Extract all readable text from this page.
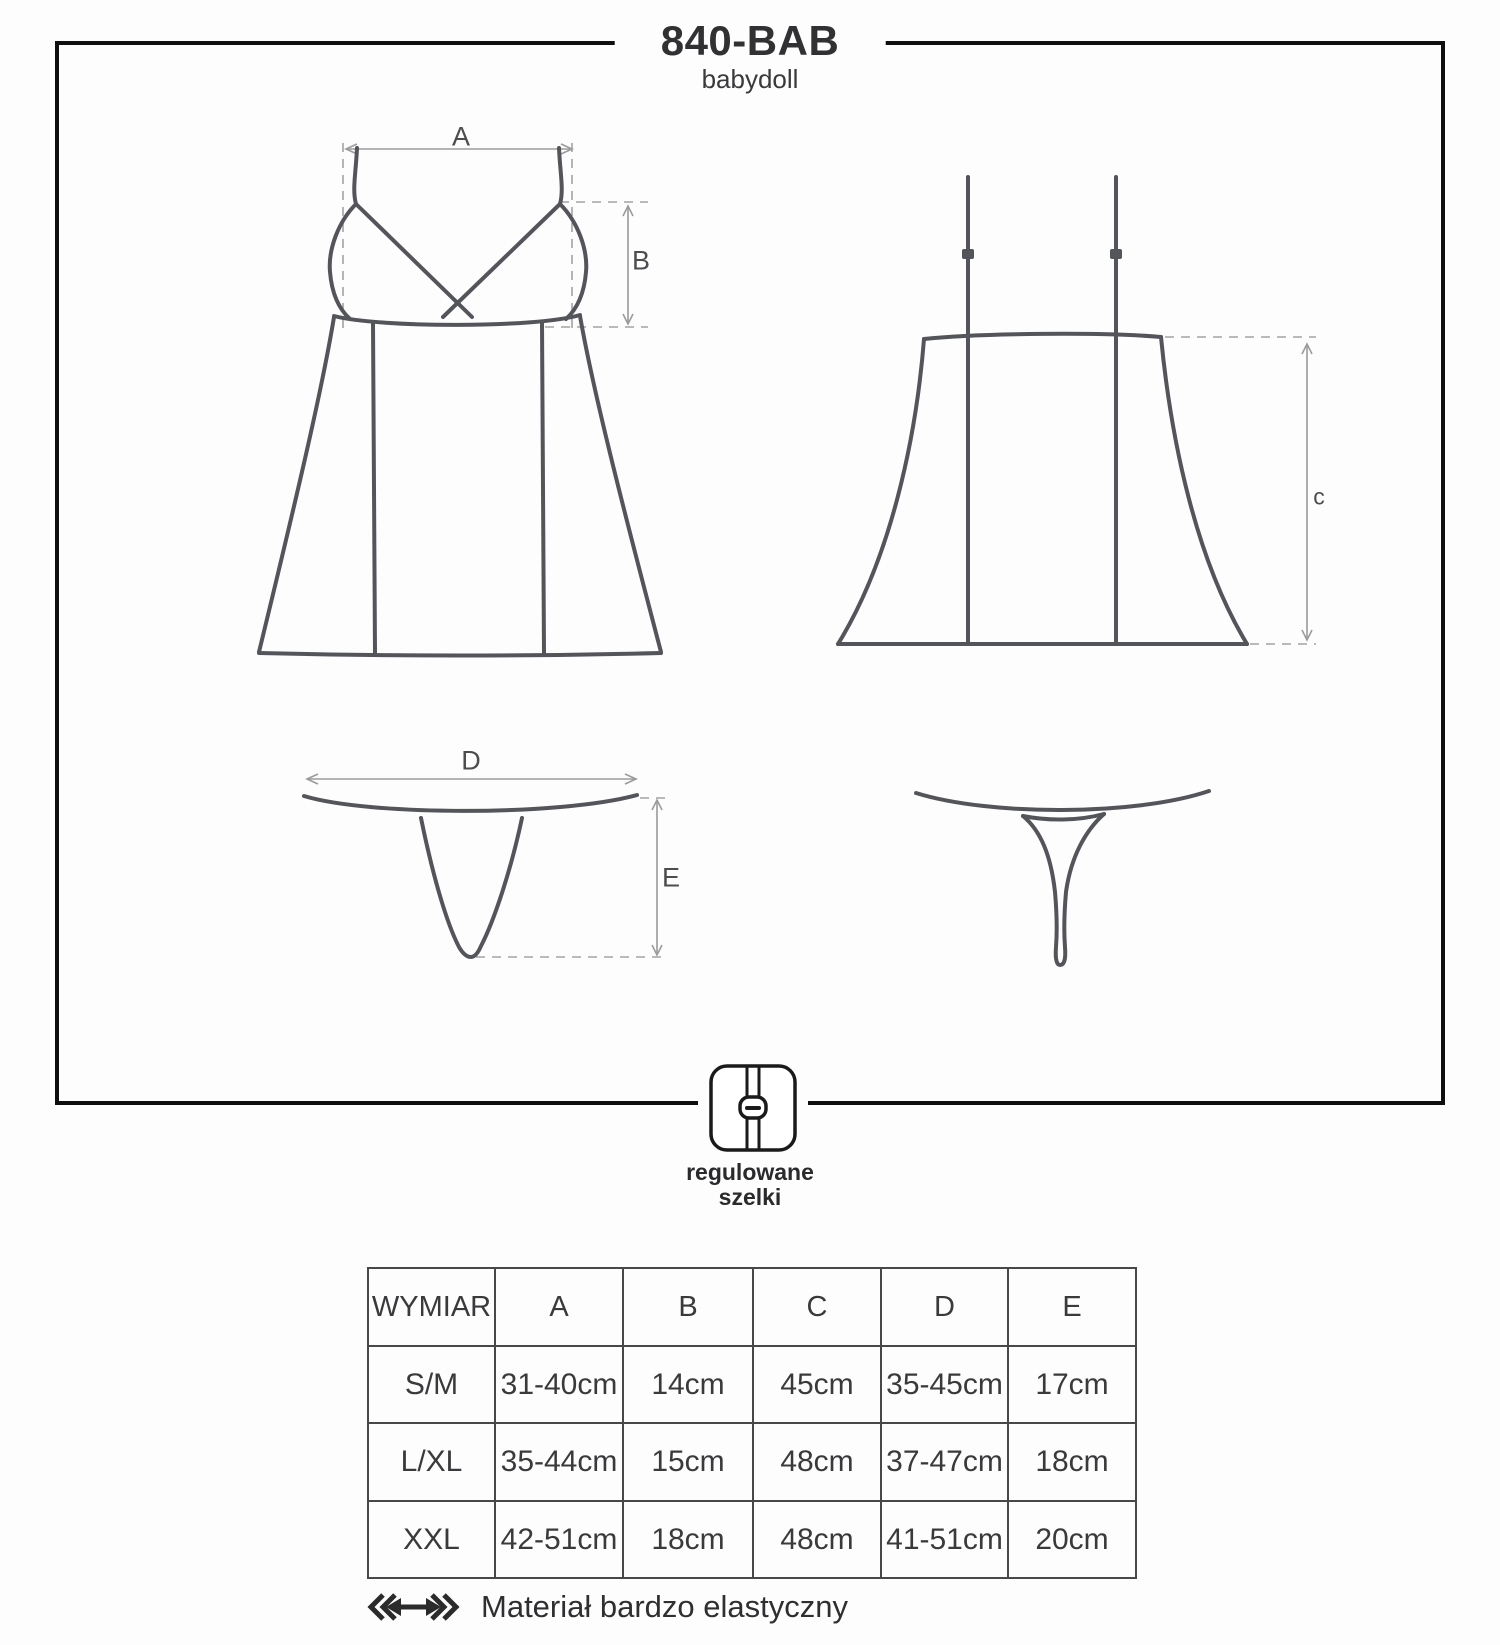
840-BAB
babydoll
A
B
c
D
E
regulowane
szelki
WYMIAR	A	B	C	D	E
S/M	31-40cm	14cm	45cm	35-45cm	17cm
L/XL	35-44cm	15cm	48cm	37-47cm	18cm
XXL	42-51cm	18cm	48cm	41-51cm	20cm
Materiał bardzo elastyczny
